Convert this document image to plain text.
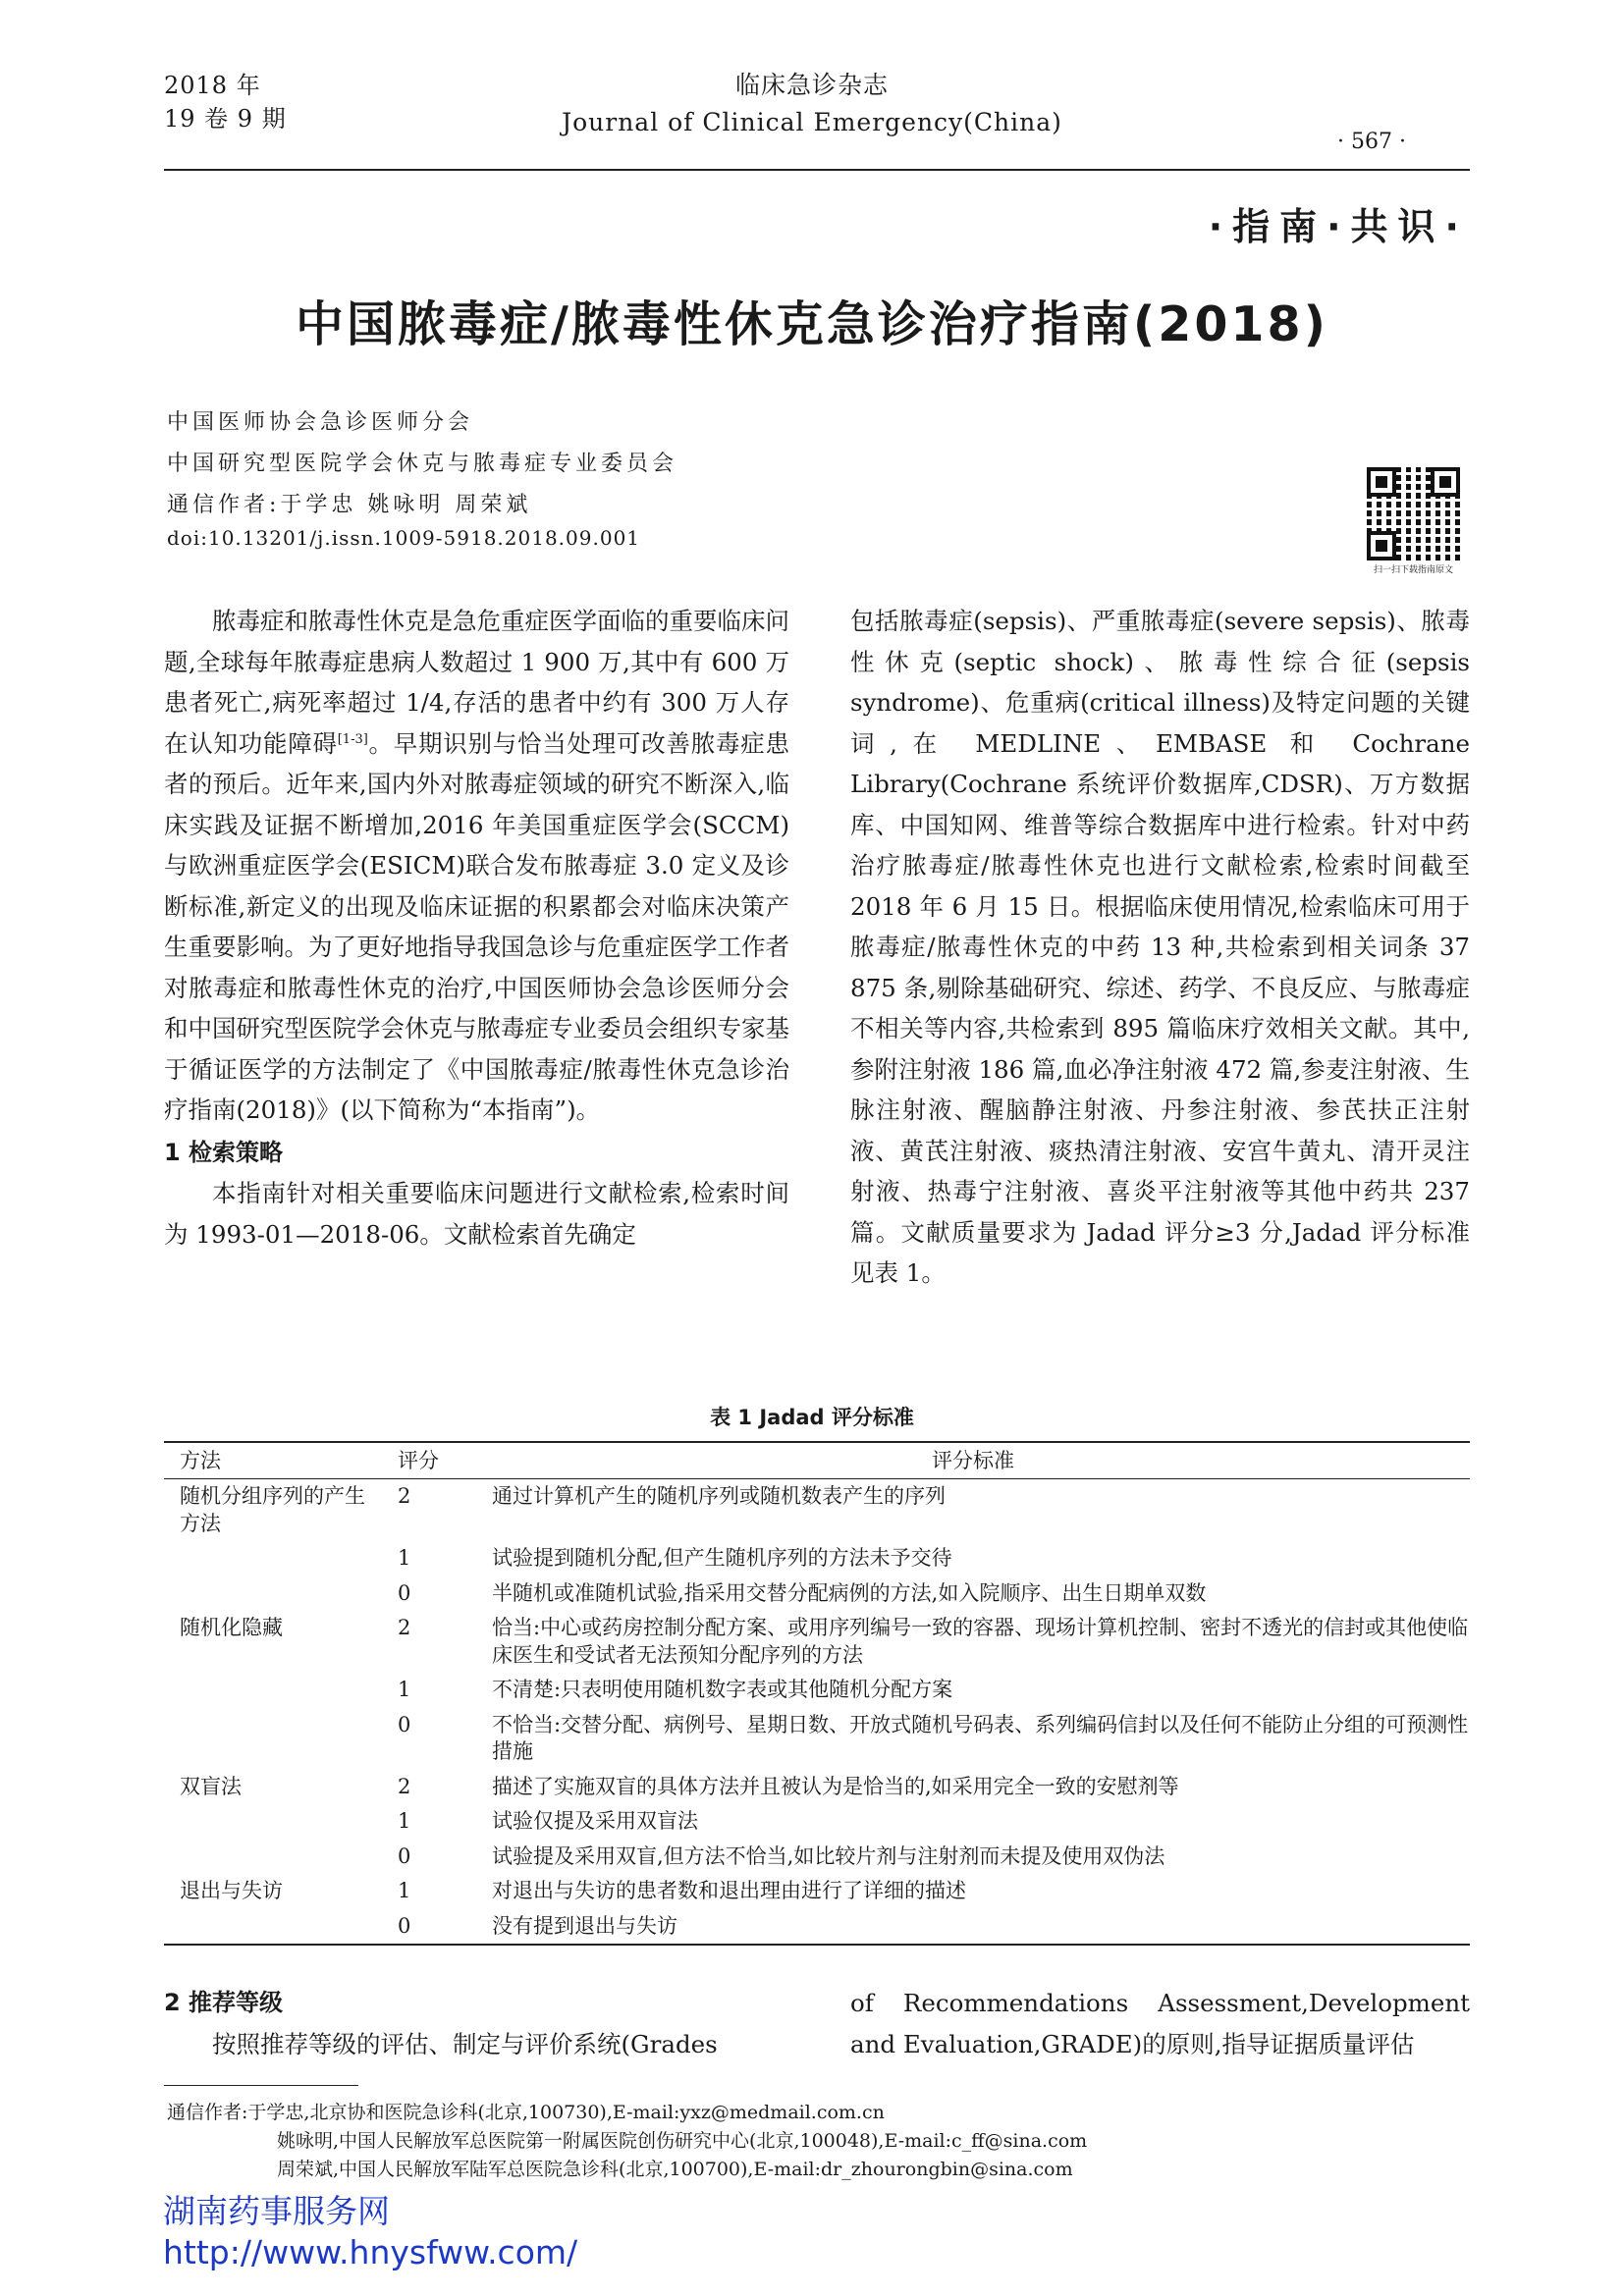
2018 年
19 卷 9 期
临床急诊杂志
Journal of Clinical Emergency(China)
· 567 ·
·指南·共识·
中国脓毒症/脓毒性休克急诊治疗指南(2018)
中国医师协会急诊医师分会
中国研究型医院学会休克与脓毒症专业委员会
通信作者:于学忠 姚咏明 周荣斌
doi:10.13201/j.issn.1009-5918.2018.09.001
扫一扫下载指南原文

脓毒症和脓毒性休克是急危重症医学面临的重要临床问题,全球每年脓毒症患病人数超过 1 900 万,其中有 600 万患者死亡,病死率超过 1/4,存活的患者中约有 300 万人存在认知功能障碍[1-3]。早期识别与恰当处理可改善脓毒症患者的预后。近年来,国内外对脓毒症领域的研究不断深入,临床实践及证据不断增加,2016 年美国重症医学会(SCCM)与欧洲重症医学会(ESICM)联合发布脓毒症 3.0 定义及诊断标准,新定义的出现及临床证据的积累都会对临床决策产生重要影响。为了更好地指导我国急诊与危重症医学工作者对脓毒症和脓毒性休克的治疗,中国医师协会急诊医师分会和中国研究型医院学会休克与脓毒症专业委员会组织专家基于循证医学的方法制定了《中国脓毒症/脓毒性休克急诊治疗指南(2018)》(以下简称为“本指南”)。

1 检索策略

本指南针对相关重要临床问题进行文献检索,检索时间为 1993-01—2018-06。文献检索首先确定

包括脓毒症(sepsis)、严重脓毒症(severe sepsis)、脓毒性休克(septic shock)、脓毒性综合征(sepsis syndrome)、危重病(critical illness)及特定问题的关键词,在 MEDLINE、EMBASE 和 Cochrane Library(Cochrane 系统评价数据库,CDSR)、万方数据库、中国知网、维普等综合数据库中进行检索。针对中药治疗脓毒症/脓毒性休克也进行文献检索,检索时间截至 2018 年 6 月 15 日。根据临床使用情况,检索临床可用于脓毒症/脓毒性休克的中药 13 种,共检索到相关词条 37 875 条,剔除基础研究、综述、药学、不良反应、与脓毒症不相关等内容,共检索到 895 篇临床疗效相关文献。其中,参附注射液 186 篇,血必净注射液 472 篇,参麦注射液、生脉注射液、醒脑静注射液、丹参注射液、参芪扶正注射液、黄芪注射液、痰热清注射液、安宫牛黄丸、清开灵注射液、热毒宁注射液、喜炎平注射液等其他中药共 237 篇。文献质量要求为 Jadad 评分≥3 分,Jadad 评分标准见表 1。

表 1 Jadad 评分标准
方法	评分	评分标准
随机分组序列的产生方法	2	通过计算机产生的随机序列或随机数表产生的序列
	1	试验提到随机分配,但产生随机序列的方法未予交待
	0	半随机或准随机试验,指采用交替分配病例的方法,如入院顺序、出生日期单双数
随机化隐藏	2	恰当:中心或药房控制分配方案、或用序列编号一致的容器、现场计算机控制、密封不透光的信封或其他使临床医生和受试者无法预知分配序列的方法
	1	不清楚:只表明使用随机数字表或其他随机分配方案
	0	不恰当:交替分配、病例号、星期日数、开放式随机号码表、系列编码信封以及任何不能防止分组的可预测性措施
双盲法	2	描述了实施双盲的具体方法并且被认为是恰当的,如采用完全一致的安慰剂等
	1	试验仅提及采用双盲法
	0	试验提及采用双盲,但方法不恰当,如比较片剂与注射剂而未提及使用双伪法
退出与失访	1	对退出与失访的患者数和退出理由进行了详细的描述
	0	没有提到退出与失访

2 推荐等级

按照推荐等级的评估、制定与评价系统(Grades

of Recommendations Assessment,Development and Evaluation,GRADE)的原则,指导证据质量评估

通信作者:于学忠,北京协和医院急诊科(北京,100730),E-mail:yxz@medmail.com.cn
姚咏明,中国人民解放军总医院第一附属医院创伤研究中心(北京,100048),E-mail:c_ff@sina.com
周荣斌,中国人民解放军陆军总医院急诊科(北京,100700),E-mail:dr_zhourongbin@sina.com
湖南药事服务网
http://www.hnysfww.com/
